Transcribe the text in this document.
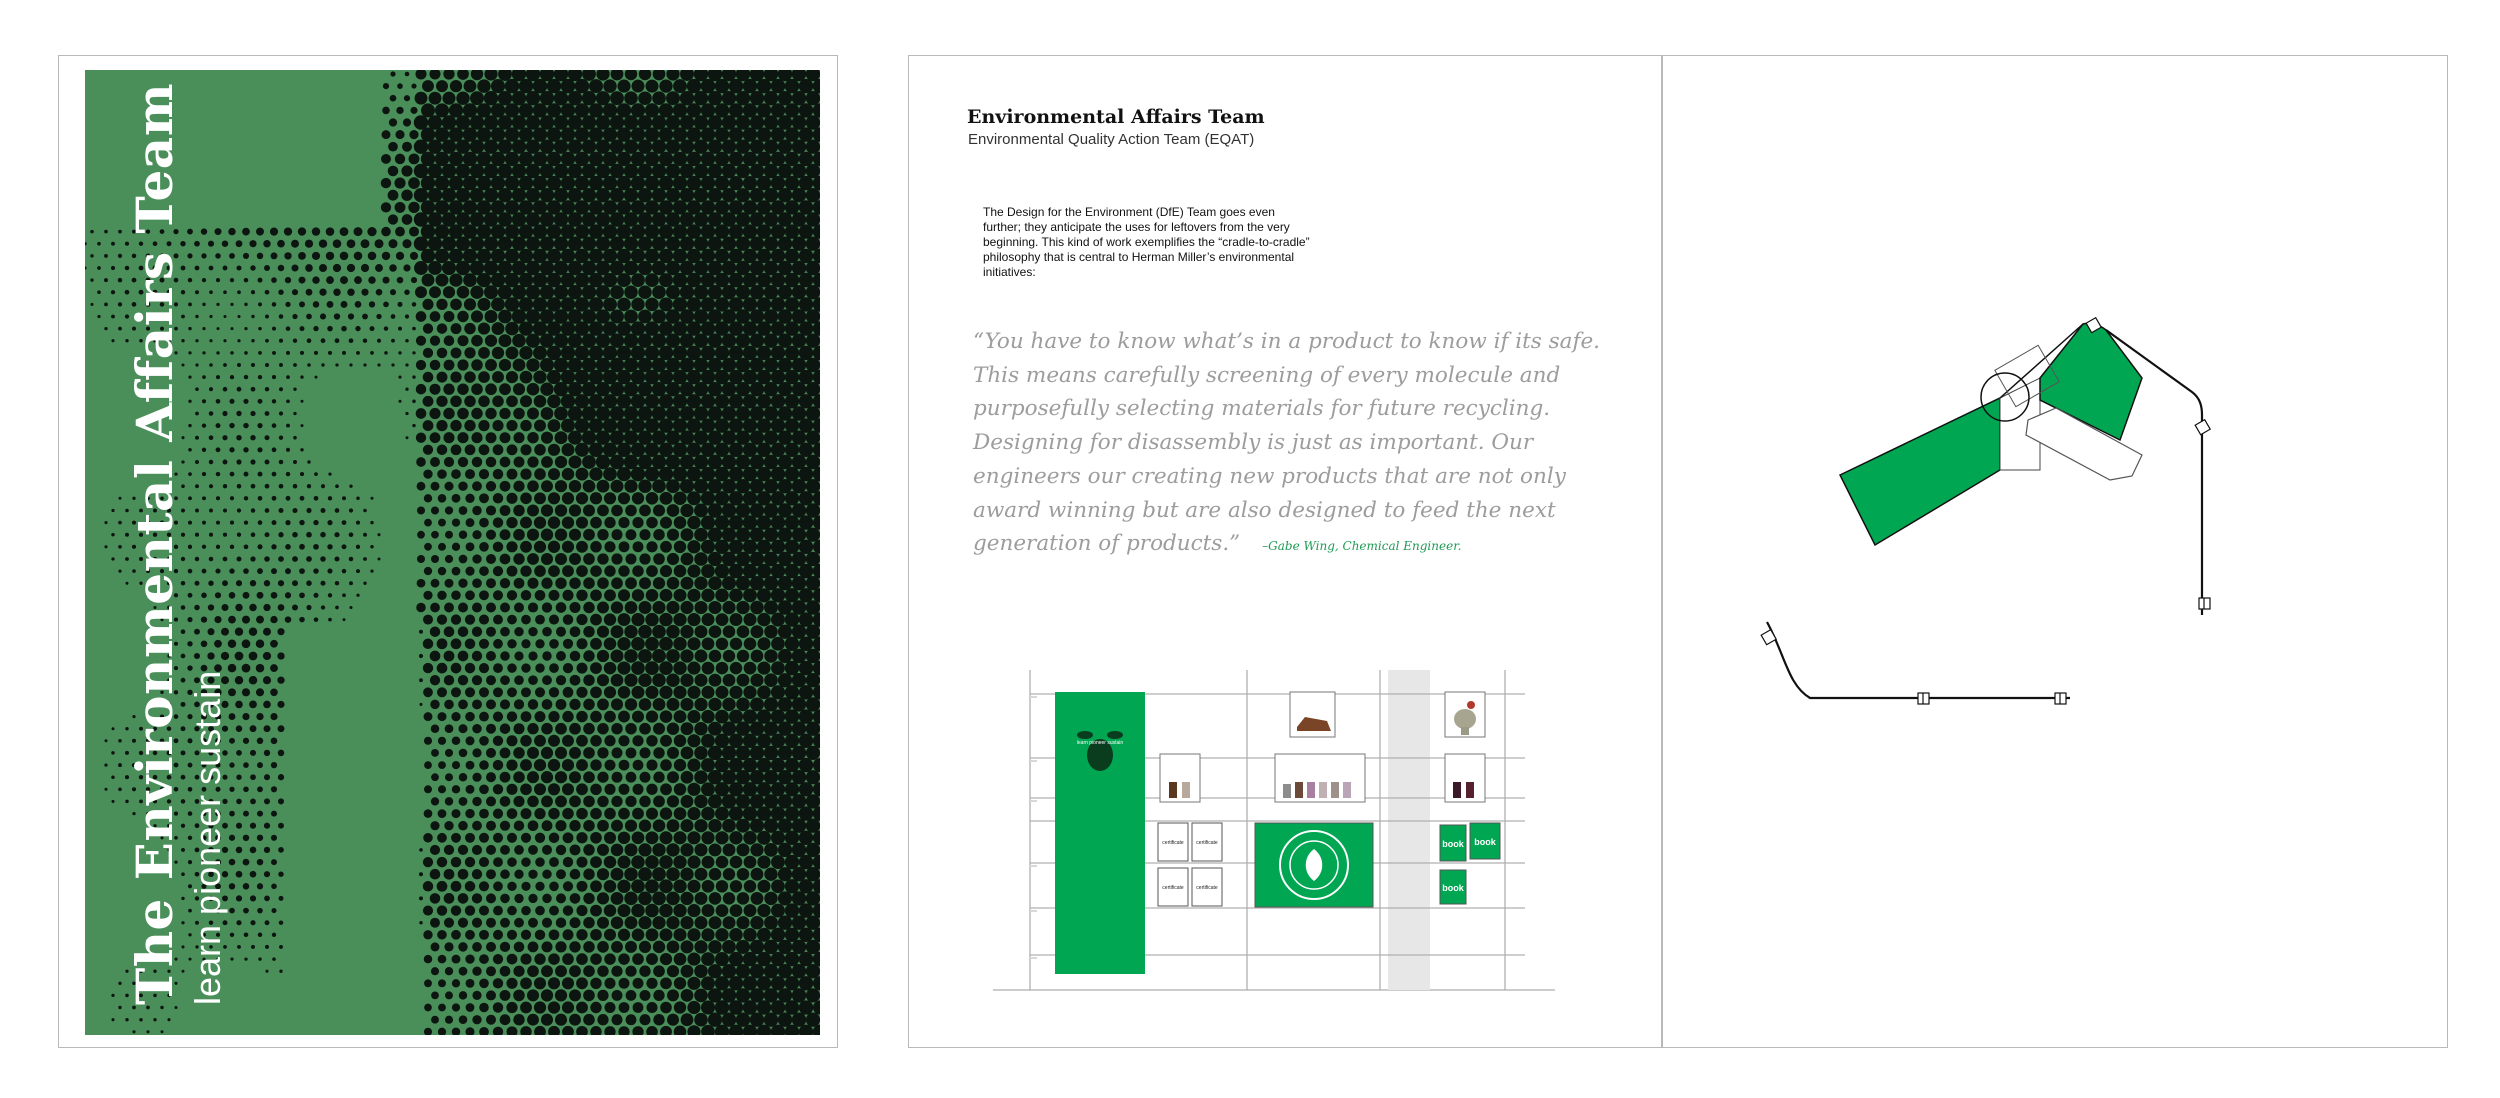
The Environmental Affairs Team learn pioneer sustain
Environmental Affairs Team
Environmental Quality Action Team (EQAT)
The Design for the Environment (DfE) Team goes even further; they anticipate the uses for leftovers from the very beginning. This kind of work exemplifies the “cradle-to-cradle” philosophy that is central to Herman Miller’s environmental initiatives:
“You have to know what’s in a product to know if its safe. This means carefully screening of every molecule and purposefully selecting materials for future recycling. Designing for disassembly is just as important. Our engineers our creating new products that are not only award winning but are also designed to feed the next generation of products.” –Gabe Wing, Chemical Engineer.
learn pioneer sustain
certificate	certificate
certificate	certificate
book book
book
